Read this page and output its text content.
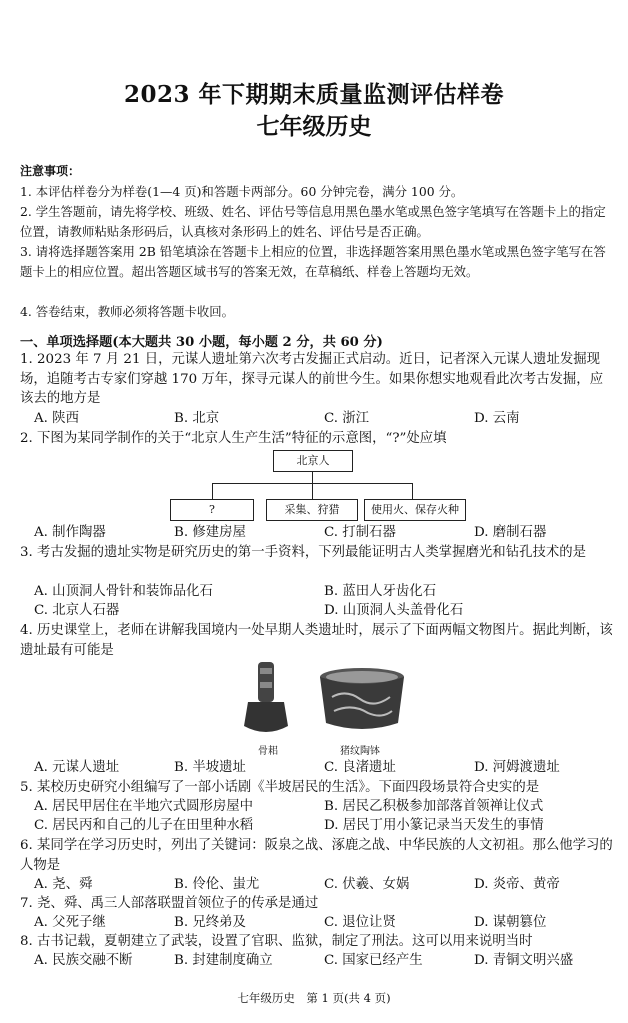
2023 年下期期末质量监测评估样卷
七年级历史
注意事项：
1. 本评估样卷分为样卷(1—4 页)和答题卡两部分。60 分钟完卷，满分 100 分。
2. 学生答题前，请先将学校、班级、姓名、评估号等信息用黑色墨水笔或黑色签字笔填写在答题卡上的指定位置，请教师粘贴条形码后，认真核对条形码上的姓名、评估号是否正确。
3. 请将选择题答案用 2B 铅笔填涂在答题卡上相应的位置，非选择题答案用黑色墨水笔或黑色签字笔写在答题卡上的相应位置。超出答题区域书写的答案无效，在草稿纸、样卷上答题均无效。
4. 答卷结束，教师必须将答题卡收回。
一、单项选择题(本大题共 30 小题，每小题 2 分，共 60 分)
1. 2023 年 7 月 21 日，元谋人遗址第六次考古发掘正式启动。近日，记者深入元谋人遗址发掘现场，追随考古专家们穿越 170 万年，探寻元谋人的前世今生。如果你想实地观看此次考古发掘，应该去的地方是
A. 陕西	B. 北京	C. 浙江	D. 云南
2. 下图为某同学制作的关于“北京人生产生活”特征的示意图，“?”处应填
北京人
?	采集、狩猎	使用火、保存火种
A. 制作陶器	B. 修建房屋	C. 打制石器	D. 磨制石器
3. 考古发掘的遗址实物是研究历史的第一手资料，下列最能证明古人类掌握磨光和钻孔技术的是
A. 山顶洞人骨针和装饰品化石	B. 蓝田人牙齿化石
C. 北京人石器	D. 山顶洞人头盖骨化石
4. 历史课堂上，老师在讲解我国境内一处早期人类遗址时，展示了下面两幅文物图片。据此判断，该遗址最有可能是
骨耜	猪纹陶钵
A. 元谋人遗址	B. 半坡遗址	C. 良渚遗址	D. 河姆渡遗址
5. 某校历史研究小组编写了一部小话剧《半坡居民的生活》。下面四段场景符合史实的是
A. 居民甲居住在半地穴式圆形房屋中	B. 居民乙积极参加部落首领禅让仪式
C. 居民丙和自己的儿子在田里种水稻	D. 居民丁用小篆记录当天发生的事情
6. 某同学在学习历史时，列出了关键词：阪泉之战、涿鹿之战、中华民族的人文初祖。那么他学习的人物是
A. 尧、舜	B. 伶伦、蚩尤	C. 伏羲、女娲	D. 炎帝、黄帝
7. 尧、舜、禹三人部落联盟首领位子的传承是通过
A. 父死子继	B. 兄终弟及	C. 退位让贤	D. 谋朝篡位
8. 古书记载，夏朝建立了武装，设置了官职、监狱，制定了刑法。这可以用来说明当时
A. 民族交融不断	B. 封建制度确立	C. 国家已经产生	D. 青铜文明兴盛
七年级历史　第 1 页(共 4 页)
